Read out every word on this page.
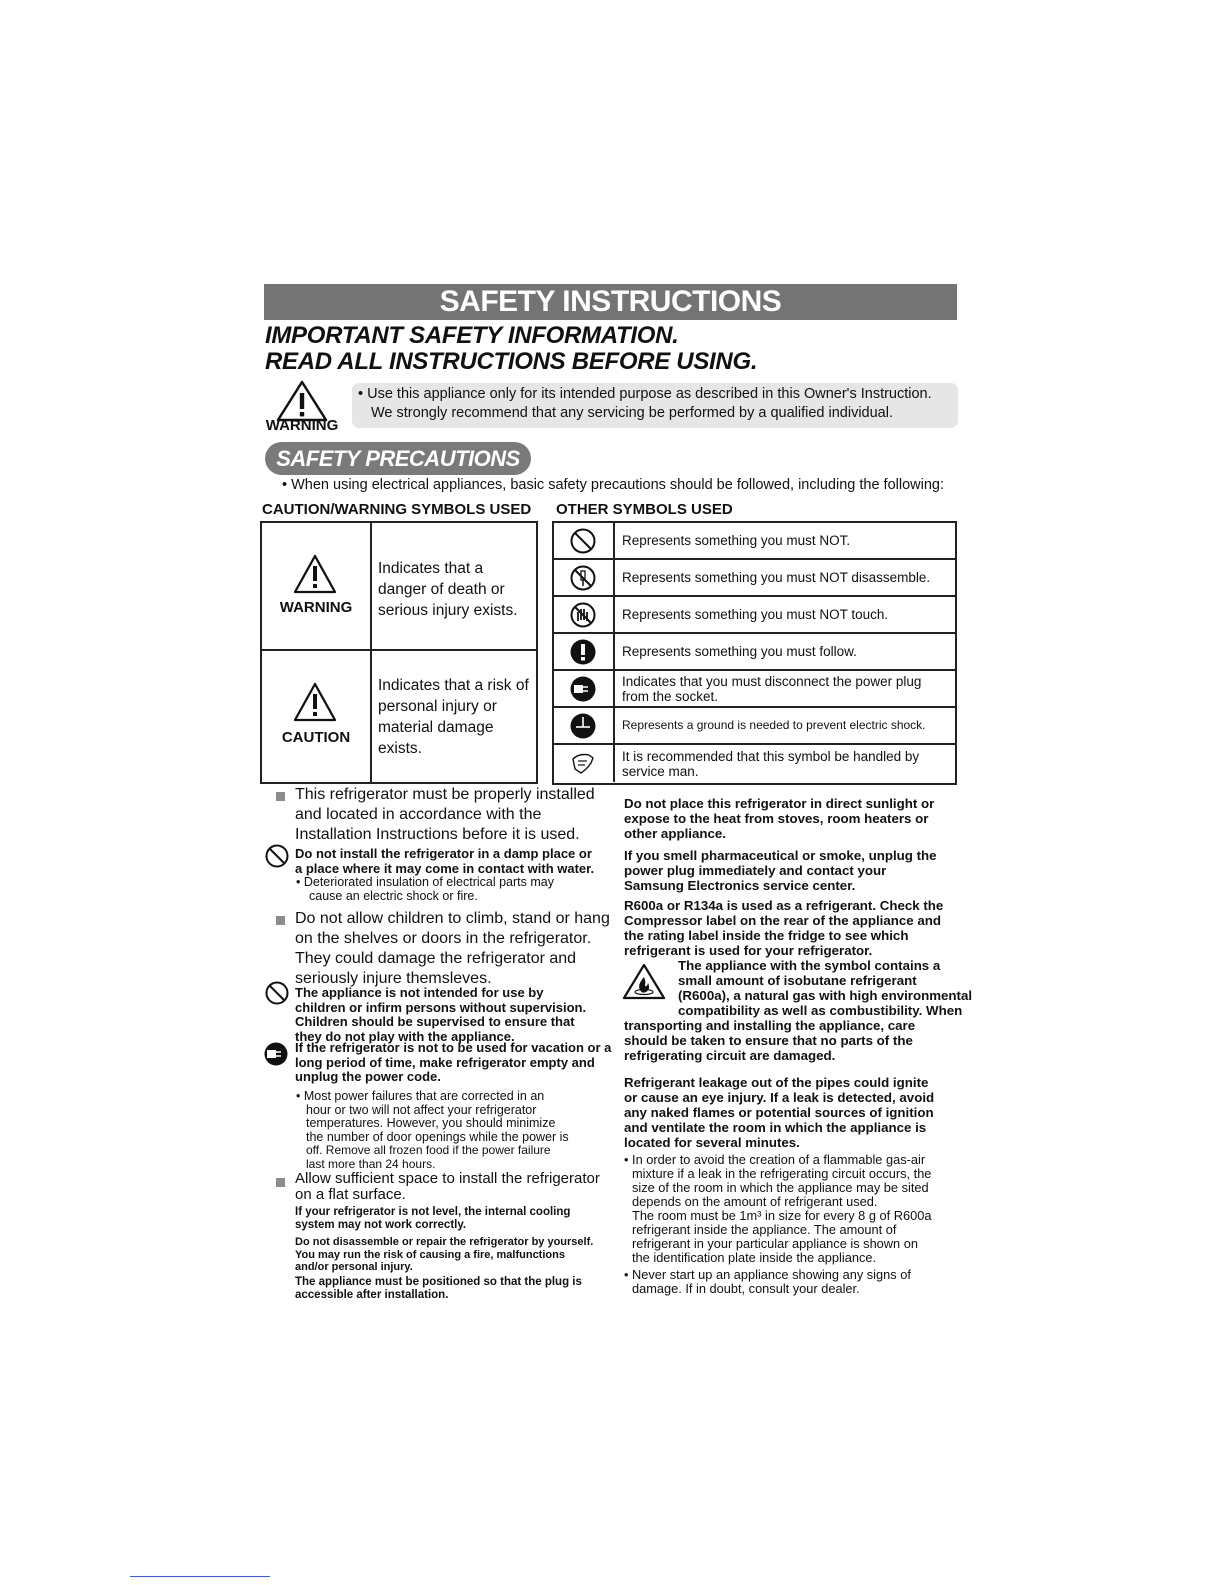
SAFETY INSTRUCTIONS
IMPORTANT SAFETY INFORMATION.
READ ALL INSTRUCTIONS BEFORE USING.
WARNING
• Use this appliance only for its intended purpose as described in this Owner's Instruction.
We strongly recommend that any servicing be performed by a qualified individual.
SAFETY PRECAUTIONS
• When using electrical appliances, basic safety precautions should be followed, including the following:
CAUTION/WARNING SYMBOLS USED OTHER SYMBOLS USED
WARNING
Indicates that a
danger of death or
serious injury exists.
CAUTION
Indicates that a risk of
personal injury or
material damage
exists.
Represents something you must NOT.
Represents something you must NOT disassemble.
Represents something you must NOT touch.
Represents something you must follow.
Indicates that you must disconnect the power plug from the socket.
Represents a ground is needed to prevent electric shock.
It is recommended that this symbol be handled by service man.
This refrigerator must be properly installed
and located in accordance with the
Installation Instructions before it is used.
Do not install the refrigerator in a damp place or
a place where it may come in contact with water.
• Deteriorated insulation of electrical parts may
cause an electric shock or fire.
Do not allow children to climb, stand or hang
on the shelves or doors in the refrigerator.
They could damage the refrigerator and
seriously injure themsleves.
The appliance is not intended for use by
children or infirm persons without supervision.
Children should be supervised to ensure that
they do not play with the appliance.
If the refrigerator is not to be used for vacation or a
long period of time, make refrigerator empty and
unplug the power code.
• Most power failures that are corrected in an
hour or two will not affect your refrigerator
temperatures. However, you should minimize
the number of door openings while the power is
off. Remove all frozen food if the power failure
last more than 24 hours.
Allow sufficient space to install the refrigerator
on a flat surface.
If your refrigerator is not level, the internal cooling
system may not work correctly.
Do not disassemble or repair the refrigerator by yourself.
You may run the risk of causing a fire, malfunctions
and/or personal injury.
The appliance must be positioned so that the plug is
accessible after installation.
Do not place this refrigerator in direct sunlight or
expose to the heat from stoves, room heaters or
other appliance.
If you smell pharmaceutical or smoke, unplug the
power plug immediately and contact your
Samsung Electronics service center.
R600a or R134a is used as a refrigerant. Check the
Compressor label on the rear of the appliance and
the rating label inside the fridge to see which
refrigerant is used for your refrigerator.
The appliance with the symbol contains a
small amount of isobutane refrigerant
(R600a), a natural gas with high environmental
compatibility as well as combustibility. When
transporting and installing the appliance, care
should be taken to ensure that no parts of the
refrigerating circuit are damaged.
Refrigerant leakage out of the pipes could ignite
or cause an eye injury. If a leak is detected, avoid
any naked flames or potential sources of ignition
and ventilate the room in which the appliance is
located for several minutes.
• In order to avoid the creation of a flammable gas-air
mixture if a leak in the refrigerating circuit occurs, the
size of the room in which the appliance may be sited
depends on the amount of refrigerant used.
The room must be 1m³ in size for every 8 g of R600a
refrigerant inside the appliance. The amount of
refrigerant in your particular appliance is shown on
the identification plate inside the appliance.
• Never start up an appliance showing any signs of
damage. If in doubt, consult your dealer.
